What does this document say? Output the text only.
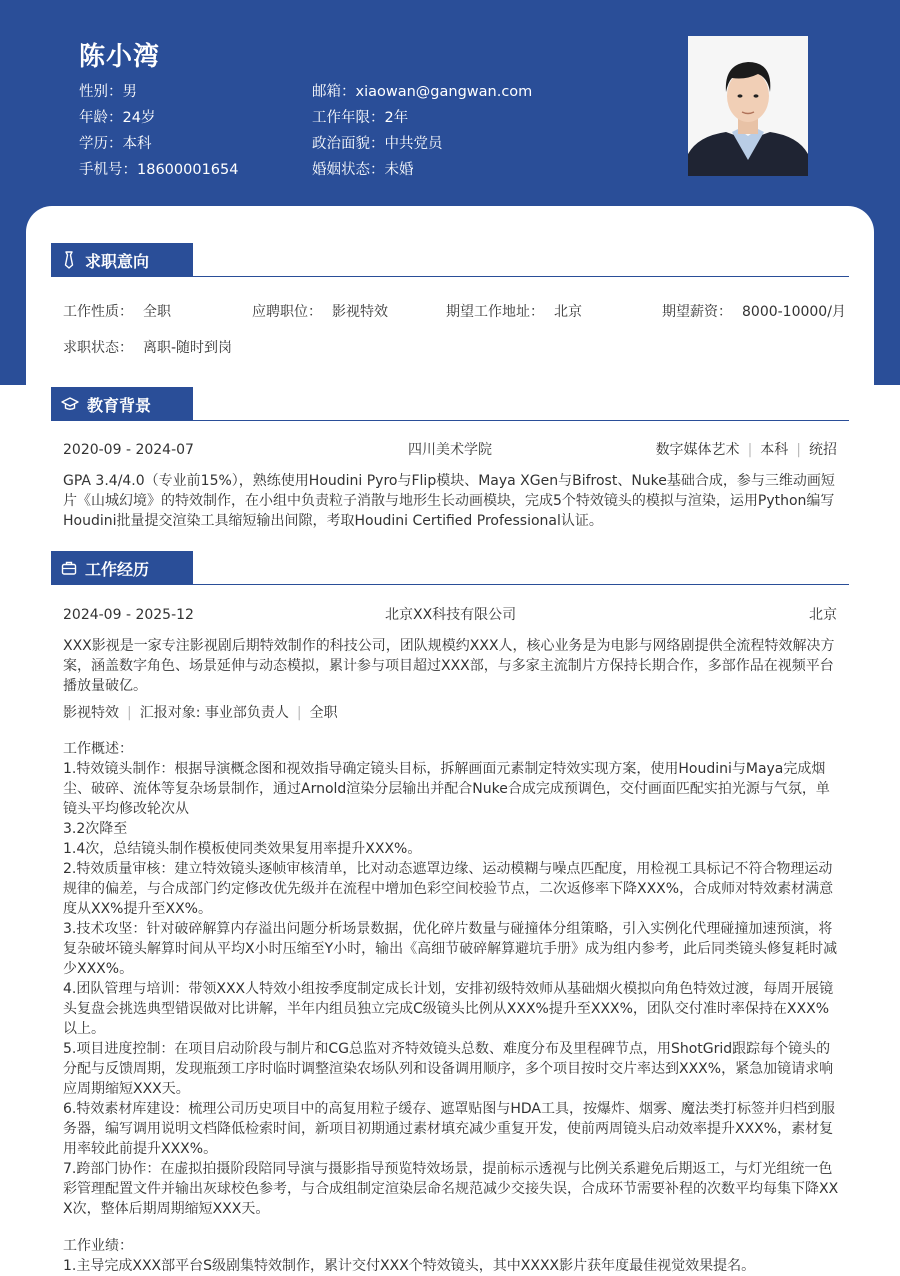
陈小湾
性别：男
年龄：24岁
学历：本科
手机号：18600001654
邮箱：xiaowan@gangwan.com
工作年限：2年
政治面貌：中共党员
婚姻状态：未婚
求职意向
工作性质： 全职	应聘职位： 影视特效	期望工作地址： 北京	期望薪资： 8000-10000/月
求职状态： 离职-随时到岗
教育背景
2020-09 - 2024-07	四川美术学院	数字媒体艺术 | 本科 | 统招
GPA 3.4/4.0（专业前15%），熟练使用Houdini Pyro与Flip模块、Maya XGen与Bifrost、Nuke基础合成，参与三维动画短片《山城幻境》的特效制作，在小组中负责粒子消散与地形生长动画模块，完成5个特效镜头的模拟与渲染，运用Python编写Houdini批量提交渲染工具缩短输出间隙，考取Houdini Certified Professional认证。
工作经历
2024-09 - 2025-12	北京XX科技有限公司	北京
XXX影视是一家专注影视剧后期特效制作的科技公司，团队规模约XXX人，核心业务是为电影与网络剧提供全流程特效解决方案，涵盖数字角色、场景延伸与动态模拟，累计参与项目超过XXX部，与多家主流制片方保持长期合作，多部作品在视频平台播放量破亿。
影视特效 | 汇报对象: 事业部负责人 | 全职
工作概述：
1.特效镜头制作：根据导演概念图和视效指导确定镜头目标，拆解画面元素制定特效实现方案，使用Houdini与Maya完成烟尘、破碎、流体等复杂场景制作，通过Arnold渲染分层输出并配合Nuke合成完成预调色，交付画面匹配实拍光源与气氛，单镜头平均修改轮次从
3.2次降至
1.4次，总结镜头制作模板使同类效果复用率提升XXX%。
2.特效质量审核：建立特效镜头逐帧审核清单，比对动态遮罩边缘、运动模糊与噪点匹配度，用检视工具标记不符合物理运动规律的偏差，与合成部门约定修改优先级并在流程中增加色彩空间校验节点，二次返修率下降XXX%，合成师对特效素材满意度从XX%提升至XX%。
3.技术攻坚：针对破碎解算内存溢出问题分析场景数据，优化碎片数量与碰撞体分组策略，引入实例化代理碰撞加速预演，将复杂破坏镜头解算时间从平均X小时压缩至Y小时，输出《高细节破碎解算避坑手册》成为组内参考，此后同类镜头修复耗时减少XXX%。
4.团队管理与培训：带领XXX人特效小组按季度制定成长计划，安排初级特效师从基础烟火模拟向角色特效过渡，每周开展镜头复盘会挑选典型错误做对比讲解，半年内组员独立完成C级镜头比例从XXX%提升至XXX%，团队交付准时率保持在XXX%以上。
5.项目进度控制：在项目启动阶段与制片和CG总监对齐特效镜头总数、难度分布及里程碑节点，用ShotGrid跟踪每个镜头的分配与反馈周期，发现瓶颈工序时临时调整渲染农场队列和设备调用顺序，多个项目按时交片率达到XXX%，紧急加镜请求响应周期缩短XXX天。
6.特效素材库建设：梳理公司历史项目中的高复用粒子缓存、遮罩贴图与HDA工具，按爆炸、烟雾、魔法类打标签并归档到服务器，编写调用说明文档降低检索时间，新项目初期通过素材填充减少重复开发，使前两周镜头启动效率提升XXX%，素材复用率较此前提升XXX%。
7.跨部门协作：在虚拟拍摄阶段陪同导演与摄影指导预览特效场景，提前标示透视与比例关系避免后期返工，与灯光组统一色彩管理配置文件并输出灰球校色参考，与合成组制定渲染层命名规范减少交接失误，合成环节需要补程的次数平均每集下降XXX次，整体后期周期缩短XXX天。
工作业绩：
1.主导完成XXX部平台S级剧集特效制作，累计交付XXX个特效镜头，其中XXXX影片获年度最佳视觉效果提名。
